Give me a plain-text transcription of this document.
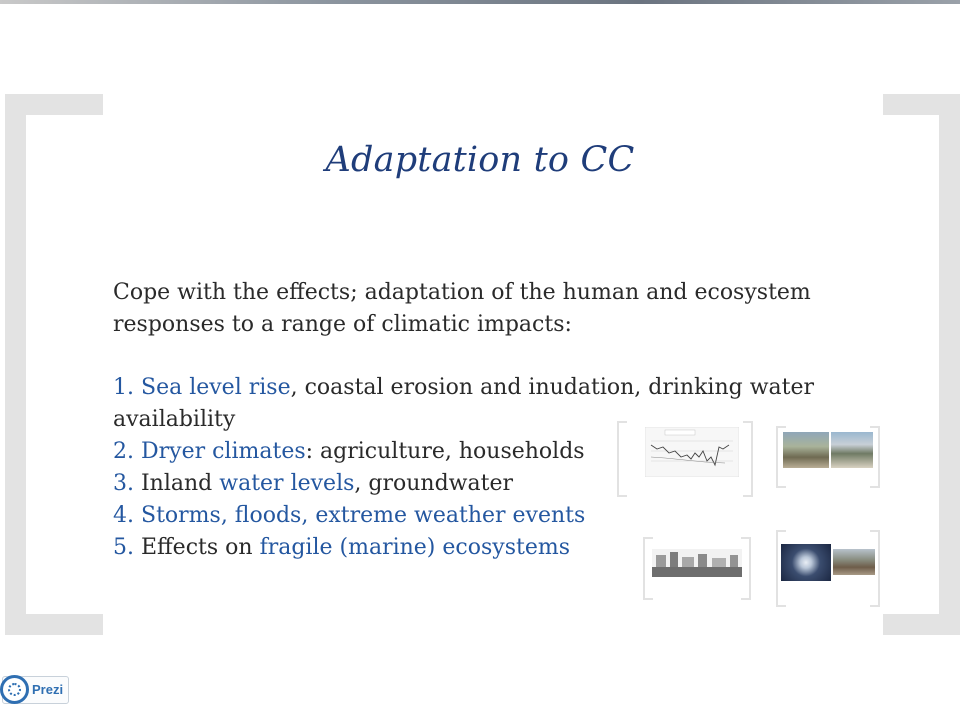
Adaptation to CC
Cope with the effects; adaptation of the human and ecosystem responses to a range of climatic impacts:
1. Sea level rise, coastal erosion and inudation, drinking water
availability
2. Dryer climates: agriculture, households
3. Inland water levels, groundwater
4. Storms, floods, extreme weather events
5. Effects on fragile (marine) ecosystems

Prezi
